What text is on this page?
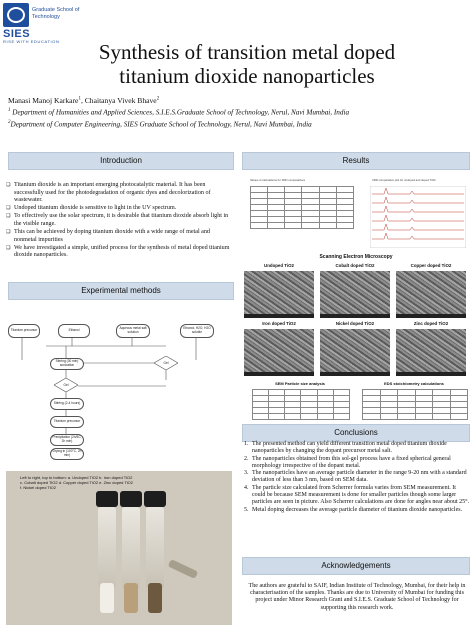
Graduate School of
Technology
SIES
RISE WITH EDUCATION	Synthesis of transition metal doped
titanium dioxide nanoparticles
Manasi Manoj Karkare$^1$, Chaitanya Vivek Bhave$^2$
$^1$ Department of Humanities and Applied Sciences, S.I.E.S.Graduate School of Technology, Nerul, Navi Mumbai, India
$^2$Department of Computer Engineering, SIES Graduate School of Technology, Nerul, Navi Mumbai, India
Introduction	Results
Experimental methods
Conclusions
Acknowledgements
❑ Titanium dioxide is an important emerging photocatalytic material. It has been successfully used for the photodegradation of organic dyes and decolorization of wastewater.
❑ Undoped titanium dioxide is sensitive to light in the UV spectrum.
❑ To effectively use the solar spectrum, it is desirable that titanium dioxide absorb light in the visible range.
❑ This can be achieved by doping titanium dioxide with a wide range of metal and nonmetal impurities
❑ We have investigated a simple, unified process for the synthesis of metal doped titanium dioxide nanoparticles.
Titanium precursor	Ethanol	Aqueous metal salt solution
Ethanol, H2O, H2O soluble
Stirring (30 min) sonication	Gel
Gel
Stirring (2-4 hours)
Titanium precursor
Precipitation (2h/5C, 2h min)
Drying in (100°C, 2h min)
Left to right, top to bottom: a. Undoped TiO2 b. Iron doped TiO2
c. Cobalt doped TiO2 d. Copper doped TiO2 e. Zinc doped TiO2
f. Nickel doped TiO2
Values of calculations for XRD comparatives

						XRD comparative plot for undoped and doped TiO2
Scanning Electron Microscopy
Undoped TiO2	Cobalt doped TiO2	Copper doped TiO2
Iron doped TiO2	Nickel doped TiO2	Zinc doped TiO2
SEM Particle size analysis	EDS stoichiometry calculations

1. The presented method can yield different transition metal doped titanium dioxide nanoparticles by changing the dopant precursor metal salt.
2. The nanoparticles obtained from this sol-gel process have a fixed spherical general morphology irrespective of the dopant metal.
3. The nanoparticles have an average particle diameter in the range 9-20 nm with a standard deviation of less than 3 nm, based on SEM data.
4. The particle size calculated from Scherrer formula varies from SEM measurement. It could be because SEM measurement is done for smaller particles though some larger particles are seen in picture. Also Scherrer calculations are done for angles near about 25°.
5. Metal doping decreases the average particle diameter of titanium dioxide nanoparticles.
The authors are grateful to SAIF, Indian Institute of Technology, Mumbai, for their help in characterisation of the samples. Thanks are due to University of Mumbai for funding this project under Minor Research Grant and S.I.E.S. Graduate School of Technology for supporting this research work.
